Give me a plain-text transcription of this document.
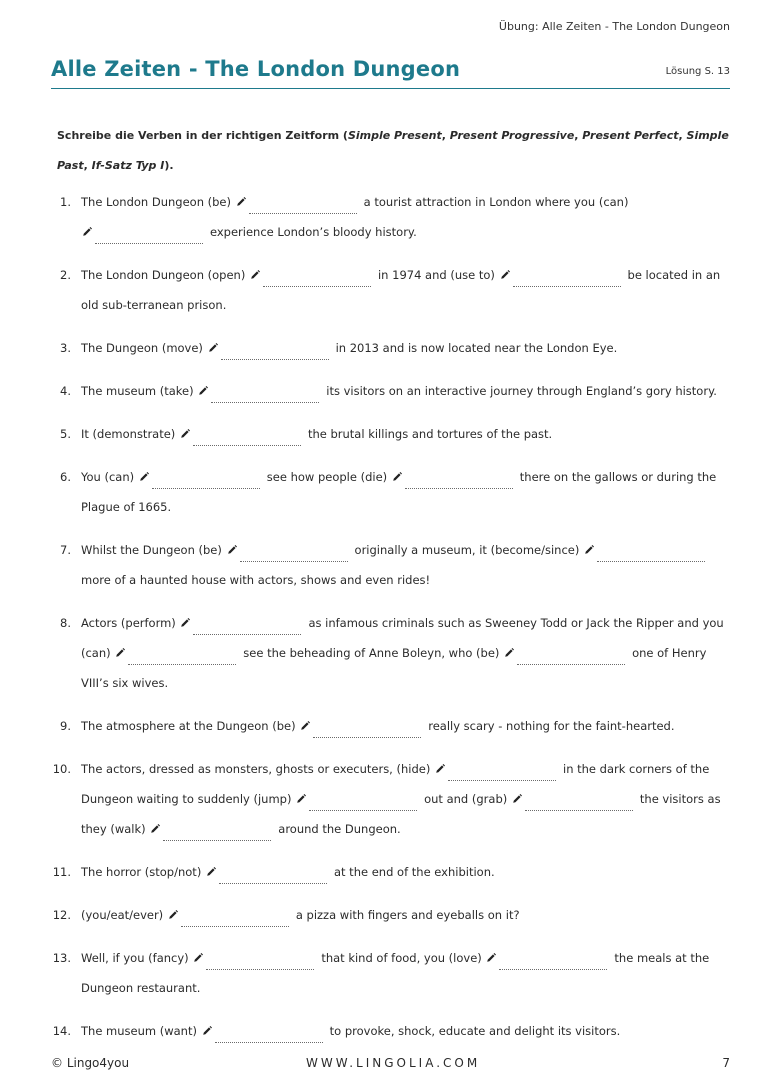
Übung: Alle Zeiten - The London Dungeon
Alle Zeiten - The London Dungeon	Lösung S. 13
Schreibe die Verben in der richtigen Zeitform (Simple Present, Present Progressive, Present Perfect, Simple Past, If-Satz Typ I).
1. The London Dungeon (be)	a tourist attraction in London where you (can) experience London’s bloody history.
2. The London Dungeon (open)	in 1974 and (use to)	be located in an old sub-terranean prison.
3. The Dungeon (move)	in 2013 and is now located near the London Eye.
4. The museum (take)	its visitors on an interactive journey through England’s gory history.
5. It (demonstrate)	the brutal killings and tortures of the past.
6. You (can)	see how people (die)	there on the gallows or during the Plague of 1665.
7. Whilst the Dungeon (be)	originally a museum, it (become/since) more of a haunted house with actors, shows and even rides!
8. Actors (perform)	as infamous criminals such as Sweeney Todd or Jack the Ripper and you (can)	see the beheading of Anne Boleyn, who (be)	one of Henry VIII’s six wives.
9. The atmosphere at the Dungeon (be)	really scary - nothing for the faint-hearted.
10. The actors, dressed as monsters, ghosts or executers, (hide)	in the dark corners of the Dungeon waiting to suddenly (jump)	out and (grab)	the visitors as they (walk)	around the Dungeon.
11. The horror (stop/not)	at the end of the exhibition.
12. (you/eat/ever)	a pizza with fingers and eyeballs on it?
13. Well, if you (fancy)	that kind of food, you (love)	the meals at the Dungeon restaurant.
14. The museum (want)	to provoke, shock, educate and delight its visitors.
© Lingo4you	WWW.LINGOLIA.COM	7
